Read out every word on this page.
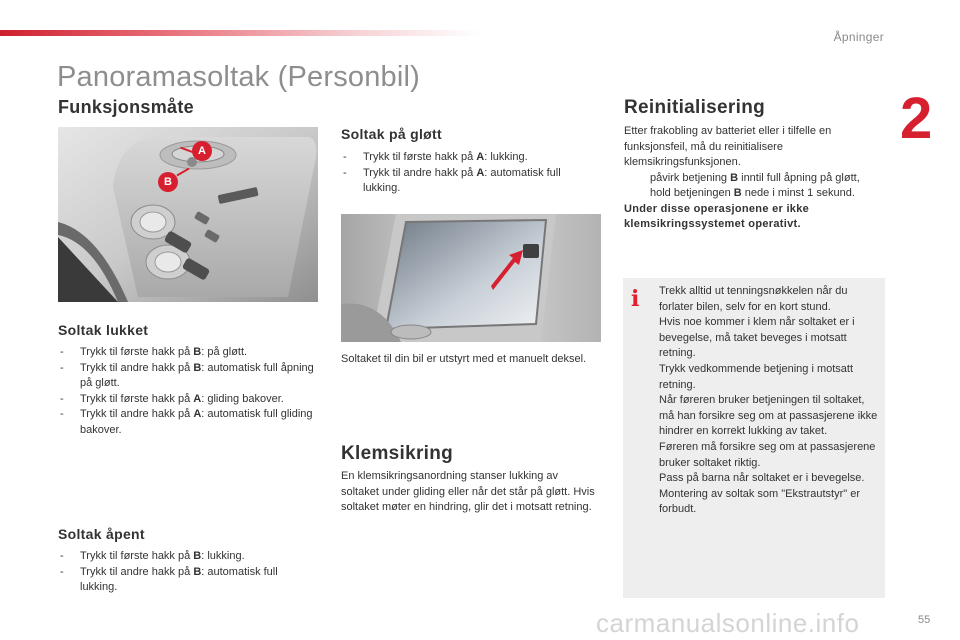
Åpninger
2
Panoramasoltak (Personbil)
Funksjonsmåte
A
B
Soltak lukket
- Trykk til første hakk på B: på gløtt.
- Trykk til andre hakk på B: automatisk full åpning på gløtt.
- Trykk til første hakk på A: gliding bakover.
- Trykk til andre hakk på A: automatisk full gliding bakover.
Soltak åpent
- Trykk til første hakk på B: lukking.
- Trykk til andre hakk på B: automatisk full lukking.
Soltak på gløtt
- Trykk til første hakk på A: lukking.
- Trykk til andre hakk på A: automatisk full lukking.

Soltaket til din bil er utstyrt med et manuelt deksel.

Klemsikring

En klemsikringsanordning stanser lukking av soltaket under gliding eller når det står på gløtt. Hvis soltaket møter en hindring, glir det i motsatt retning.

Reinitialisering
Etter frakobling av batteriet eller i tilfelle en funksjonsfeil, må du reinitialisere klemsikringsfunksjonen.
påvirk betjening B inntil full åpning på gløtt,
hold betjeningen B nede i minst 1 sekund.
Under disse operasjonene er ikke klemsikringssystemet operativt.
i Trekk alltid ut tenningsnøkkelen når du forlater bilen, selv for en kort stund.
Hvis noe kommer i klem når soltaket er i bevegelse, må taket beveges i motsatt retning.
Trykk vedkommende betjening i motsatt retning.
Når føreren bruker betjeningen til soltaket, må han forsikre seg om at passasjerene ikke hindrer en korrekt lukking av taket.
Føreren må forsikre seg om at passasjerene bruker soltaket riktig.
Pass på barna når soltaket er i bevegelse.
Montering av soltak som "Ekstrautstyr" er forbudt.
carmanualsonline.info	55
